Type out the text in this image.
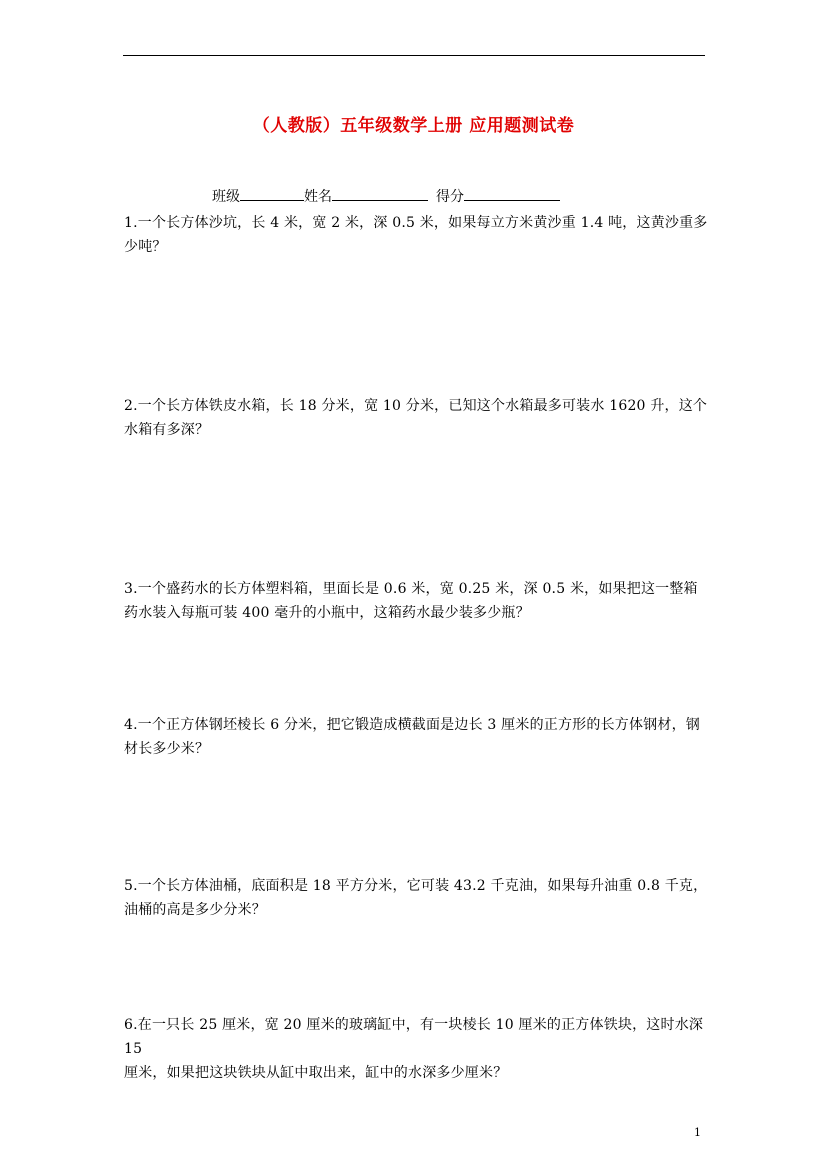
（人教版）五年级数学上册 应用题测试卷
班级	姓名	得分
1.一个长方体沙坑，长 4 米，宽 2 米，深 0.5 米，如果每立方米黄沙重 1.4 吨，这黄沙重多
少吨？
2.一个长方体铁皮水箱，长 18 分米，宽 10 分米，已知这个水箱最多可装水 1620 升，这个
水箱有多深？
3.一个盛药水的长方体塑料箱，里面长是 0.6 米，宽 0.25 米，深 0.5 米，如果把这一整箱
药水装入每瓶可装 400 毫升的小瓶中，这箱药水最少装多少瓶？
4.一个正方体钢坯棱长 6 分米，把它锻造成横截面是边长 3 厘米的正方形的长方体钢材，钢
材长多少米？
5.一个长方体油桶，底面积是 18 平方分米，它可装 43.2 千克油，如果每升油重 0.8 千克，
油桶的高是多少分米？
6.在一只长 25 厘米，宽 20 厘米的玻璃缸中，有一块棱长 10 厘米的正方体铁块，这时水深 15
厘米，如果把这块铁块从缸中取出来，缸中的水深多少厘米？
1
